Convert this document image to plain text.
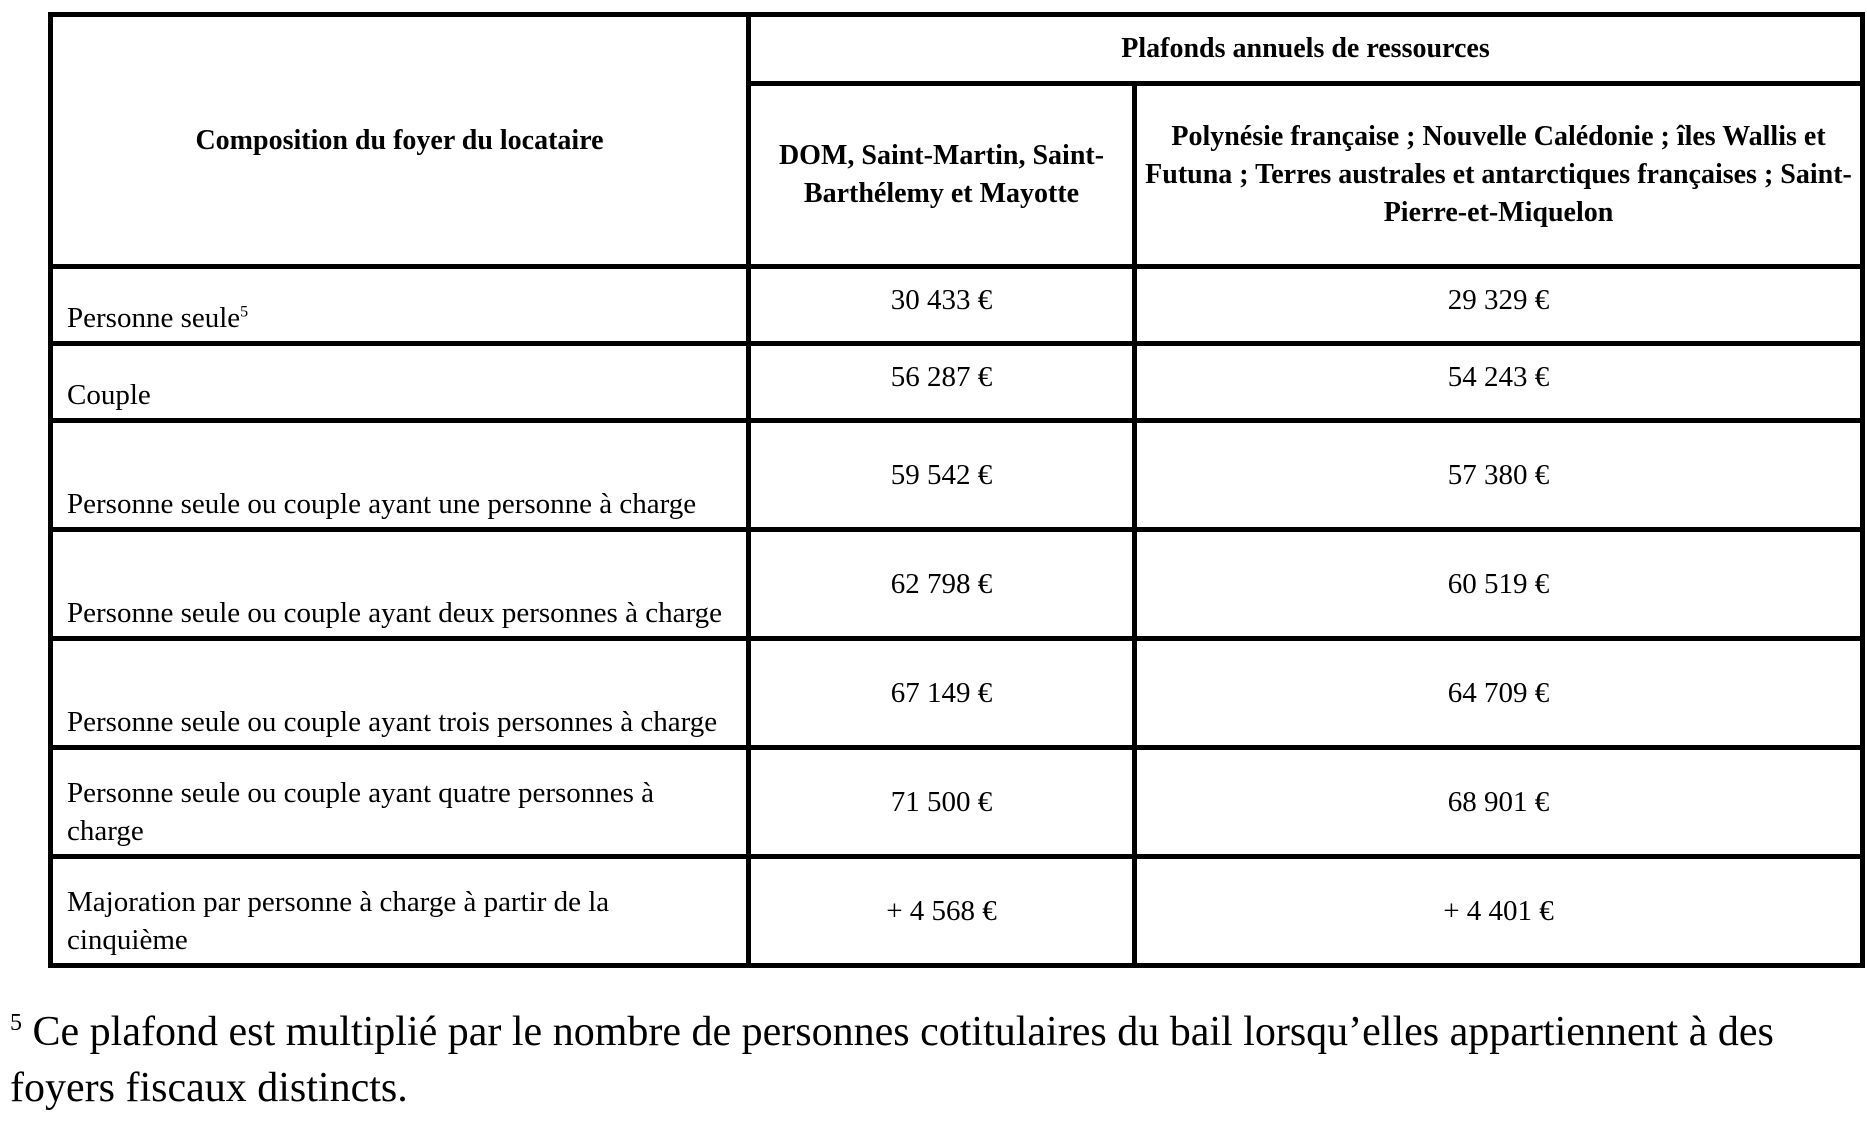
Composition du foyer du locataire	Plafonds annuels de ressources	
	DOM, Saint-Martin, Saint-Barthélemy et Mayotte	Polynésie française ; Nouvelle Calédonie ; îles Wallis et Futuna ; Terres australes et antarctiques françaises ; Saint-Pierre-et-Miquelon
Personne seule$^5$	30 433 €	29 329 €
Couple	56 287 €	54 243 €
Personne seule ou couple ayant une personne à charge	59 542 €	57 380 €
Personne seule ou couple ayant deux personnes à charge	62 798 €	60 519 €
Personne seule ou couple ayant trois personnes à charge	67 149 €	64 709 €
Personne seule ou couple ayant quatre personnes à charge	71 500 €	68 901 €
Majoration par personne à charge à partir de la cinquième	+ 4 568 €	+ 4 401 €
$^5$ Ce plafond est multiplié par le nombre de personnes cotitulaires du bail lorsqu’elles appartiennent à des foyers fiscaux distincts.
